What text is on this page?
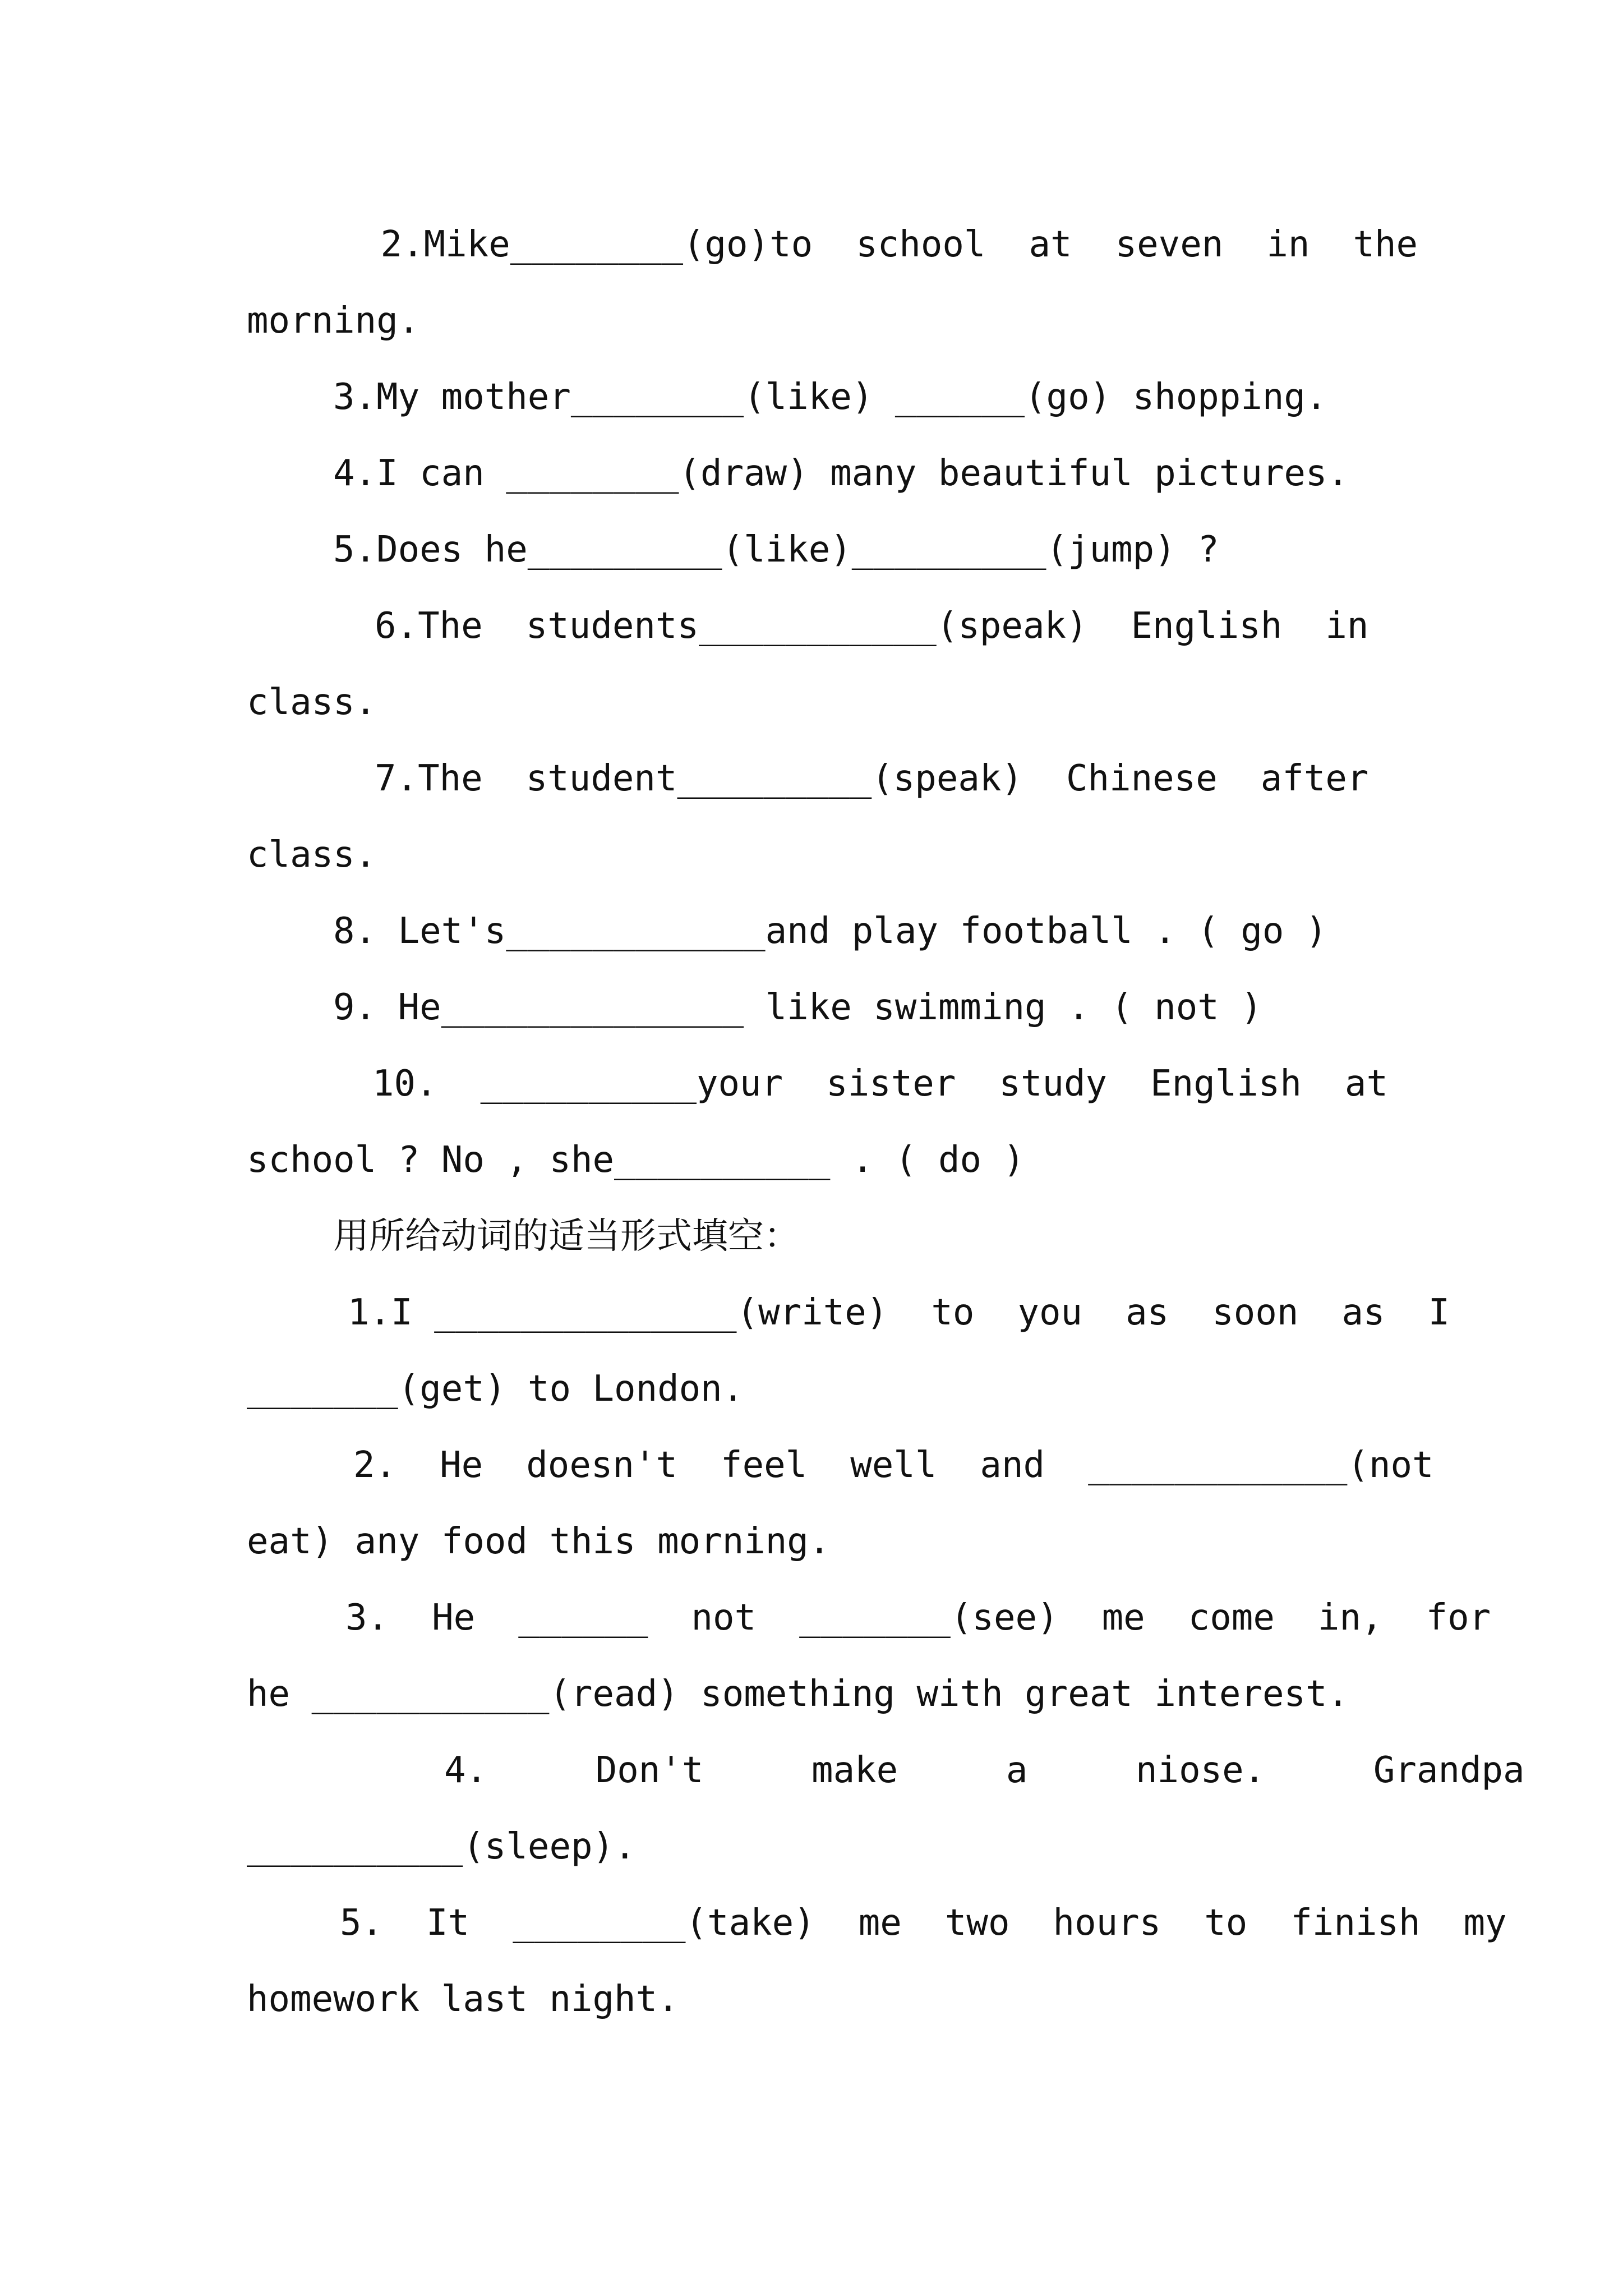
2.Mike________(go)to  school  at  seven  in  the
morning.
3.My mother________(like) ______(go) shopping.
4.I can ________(draw) many beautiful pictures.
5.Does he_________(like)_________(jump) ?
6.The  students___________(speak)  English  in
class.
7.The  student_________(speak)  Chinese  after
class.
8. Let's____________and play football . ( go )
9. He______________ like swimming . ( not )
10.  __________your  sister  study  English  at
school ? No , she__________ . ( do )
用所给动词的适当形式填空：
1.I ______________(write)  to  you  as  soon  as  I
_______(get) to London.
2.  He  doesn't  feel  well  and  ____________(not
eat) any food this morning.
3.  He  ______  not  _______(see)  me  come  in,  for
he ___________(read) something with great interest.
4.     Don't     make     a     niose.     Grandpa
__________(sleep).
5.  It  ________(take)  me  two  hours  to  finish  my
homework last night.
